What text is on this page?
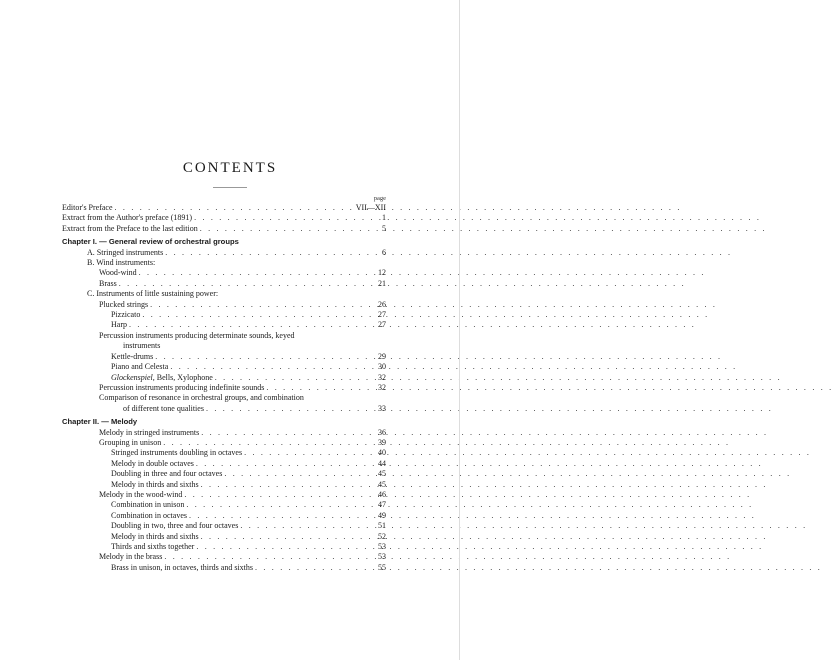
CONTENTS
page
Editor's Preface . . .	VII—XII
Extract from the Author's preface (1891) . . .	1
Extract from the Preface to the last edition . . .	5
Chapter I. — General review of orchestral groups
A. Stringed instruments . . .	6
B. Wind instruments:
Wood-wind . . .	12
Brass . . .	21
C. Instruments of little sustaining power:
Plucked strings . . .	26
Pizzicato . . .	27
Harp . . .	27
Percussion instruments producing determinate sounds, keyed
instruments
Kettle-drums . . .	29
Piano and Celesta . . .	30
Glockenspiel, Bells, Xylophone . . .	32
Percussion instruments producing indefinite sounds . . .	32
Comparison of resonance in orchestral groups, and combination
of different tone qualities . . .	33
Chapter II. — Melody
Melody in stringed instruments . . .	36
Grouping in unison . . .	39
Stringed instruments doubling in octaves . . .	40
Melody in double octaves . . .	44
Doubling in three and four octaves . . .	45
Melody in thirds and sixths . . .	45
Melody in the wood-wind . . .	46
Combination in unison . . .	47
Combination in octaves . . .	49
Doubling in two, three and four octaves . . .	51
Melody in thirds and sixths . . .	52
Thirds and sixths together . . .	53
Melody in the brass . . .	53
Brass in unison, in octaves, thirds and sixths . . .	55
